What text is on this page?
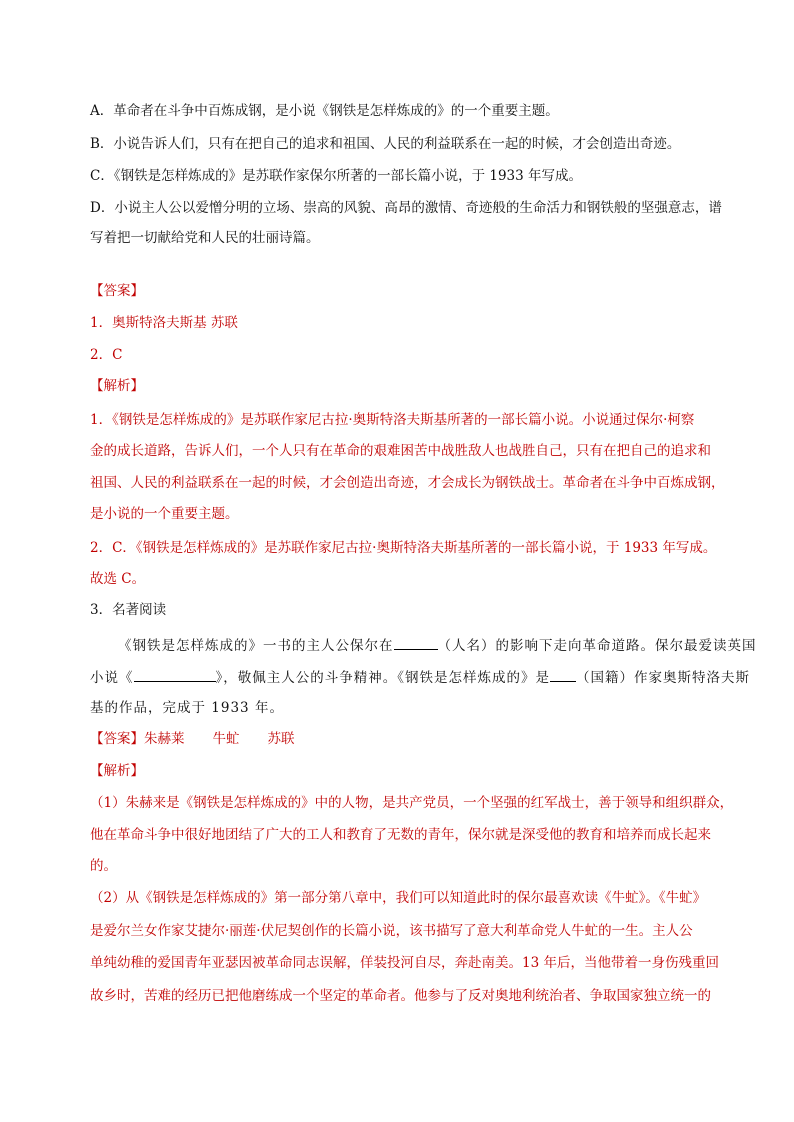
A．革命者在斗争中百炼成钢，是小说《钢铁是怎样炼成的》的一个重要主题。
B．小说告诉人们，只有在把自己的追求和祖国、人民的利益联系在一起的时候，才会创造出奇迹。
C．《钢铁是怎样炼成的》是苏联作家保尔所著的一部长篇小说，于 1933 年写成。
D．小说主人公以爱憎分明的立场、崇高的风貌、高昂的激情、奇迹般的生命活力和钢铁般的坚强意志，谱
写着把一切献给党和人民的壮丽诗篇。
【答案】
1．奥斯特洛夫斯基 苏联
2．C
【解析】
1．《钢铁是怎样炼成的》是苏联作家尼古拉·奥斯特洛夫斯基所著的一部长篇小说。小说通过保尔·柯察
金的成长道路，告诉人们，一个人只有在革命的艰难困苦中战胜敌人也战胜自己，只有在把自己的追求和
祖国、人民的利益联系在一起的时候，才会创造出奇迹，才会成长为钢铁战士。革命者在斗争中百炼成钢，
是小说的一个重要主题。
2．C．《钢铁是怎样炼成的》是苏联作家尼古拉·奥斯特洛夫斯基所著的一部长篇小说，于 1933 年写成。
故选 C。
3．名著阅读
《钢铁是怎样炼成的》一书的主人公保尔在	（人名）的影响下走向革命道路。保尔最爱读英国
小说《	》，敬佩主人公的斗争精神。《钢铁是怎样炼成的》是 （国籍）作家奥斯特洛夫斯
基的作品，完成于 1933 年。
【答案】朱赫莱 牛虻 苏联
【解析】
（1）朱赫来是《钢铁是怎样炼成的》中的人物，是共产党员，一个坚强的红军战士，善于领导和组织群众，
他在革命斗争中很好地团结了广大的工人和教育了无数的青年，保尔就是深受他的教育和培养而成长起来
的。
（2）从《钢铁是怎样炼成的》第一部分第八章中，我们可以知道此时的保尔最喜欢读《牛虻》。《牛虻》
是爱尔兰女作家艾捷尔·丽莲·伏尼契创作的长篇小说，该书描写了意大利革命党人牛虻的一生。主人公
单纯幼稚的爱国青年亚瑟因被革命同志误解，佯装投河自尽，奔赴南美。13 年后，当他带着一身伤残重回
故乡时，苦难的经历已把他磨练成一个坚定的革命者。他参与了反对奥地利统治者、争取国家独立统一的
